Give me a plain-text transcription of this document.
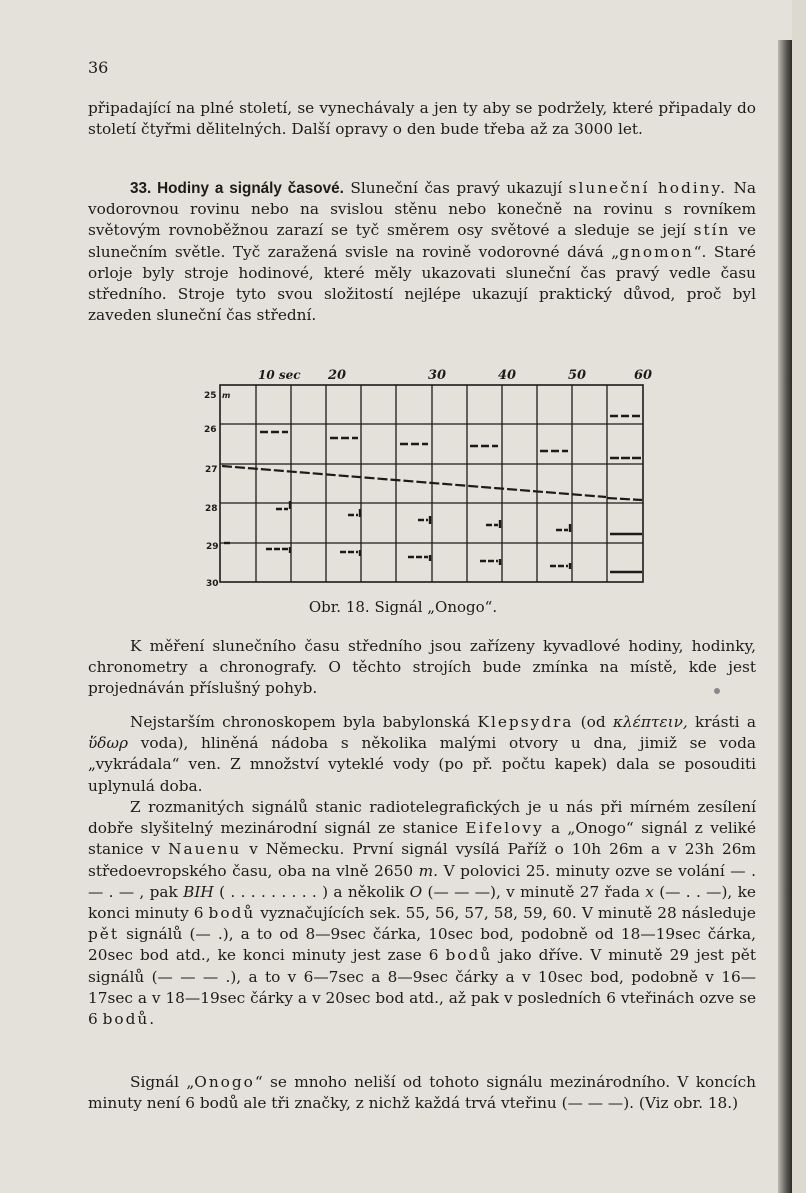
36

připadající na plné století, se vynechávaly a jen ty aby se podržely, které připadaly do století čtyřmi dělitelných. Další opravy o den bude třeba až za 3000 let.

33. Hodiny a signály časové. Sluneční čas pravý ukazují sluneční hodiny. Na vodorovnou rovinu nebo na svislou stěnu nebo konečně na rovinu s rovníkem světovým rovnoběžnou zarazí se tyč směrem osy světové a sleduje se její stín ve slunečním světle. Tyč zaražená svisle na rovině vodorovné dává „gnomon“. Staré orloje byly stroje hodinové, které měly ukazovati sluneční čas pravý vedle času středního. Stroje tyto svou složitostí nejlépe ukazují praktický důvod, proč byl zaveden sluneční čas střední.

10 sec 20	30	40	50	60
25
26
27
28
29
30
m
Obr. 18. Signál „Onogo“.

K měření slunečního času středního jsou zařízeny kyvadlové hodiny, hodinky, chronometry a chronografy. O těchto strojích bude zmínka na místě, kde jest projednáván příslušný pohyb.

Nejstarším chronoskopem byla babylonská Klepsydra (od κλέπτειν, krásti a ὕδωρ voda), hliněná nádoba s několika malými otvory u dna, jimiž se voda „vykrádala“ ven. Z množství vyteklé vody (po př. počtu kapek) dala se posouditi uplynulá doba.

Z rozmanitých signálů stanic radiotelegrafických je u nás při mírném zesílení dobře slyšitelný mezinárodní signál ze stanice Eifelovy a „Onogo“ signál z veliké stanice v Nauenu v Německu. První signál vysílá Paříž o 10h 26m a v 23h 26m středoevropského času, oba na vlně 2650 m. V polovici 25. minuty ozve se volání — . — . — , pak BIH ( . . . . . . . . . ) a několik O (— — —), v minutě 27 řada x (— . . —), ke konci minuty 6 bodů vyznačujících sek. 55, 56, 57, 58, 59, 60. V minutě 28 následuje pět signálů (— .), a to od 8—9sec čárka, 10sec bod, podobně od 18—19sec čárka, 20sec bod atd., ke konci minuty jest zase 6 bodů jako dříve. V minutě 29 jest pět signálů (— — — .), a to v 6—7sec a 8—9sec čárky a v 10sec bod, podobně v 16—17sec a v 18—19sec čárky a v 20sec bod atd., až pak v posledních 6 vteřinách ozve se 6 bodů.

Signál „Onogo“ se mnoho neliší od tohoto signálu mezinárodního. V koncích minuty není 6 bodů ale tři značky, z nichž každá trvá vteřinu (— — —). (Viz obr. 18.)
